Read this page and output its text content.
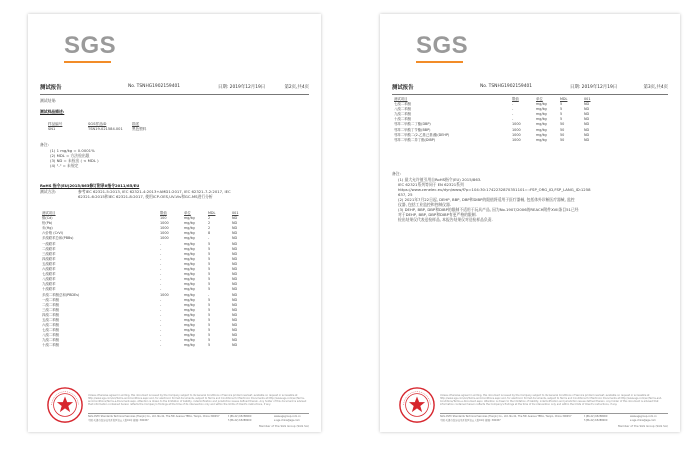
SGS
测试报告	No. TSNHG1902159401	日期: 2019年12月19日	第2页,共4页
测试结果:
测试样品描述:
样品编号	SGS样品ID	描述
SN1	TSN19-021584.001	黑色塑料
备注:
(1) 1 mg/kg = 0.0001%
(2) MDL = 方法检出限
(3) ND = 未检出 ( < MDL )
(4) "-" = 未规定
RoHS 指令(EU)2015/863修订附录II指令2011/65/EU
测试方法:	参考IEC 62321-5:2013, IEC 62321-4:2013+AMD1:2017, IEC 62321-7-2:2017, IEC
62321-6:2015和IEC 62321-8:2017, 使用ICP-OES,UV-Vis和GC-MS进行分析
测试项目	限值	单位	MDL	001
镉(Cd)	100	mg/kg	2	ND
铅(Pb)	1000	mg/kg	2	ND
汞(Hg)	1000	mg/kg	2	ND
六价铬 (CrVI)	1000	mg/kg	8	ND
多溴联苯总和(PBBs)	1000	mg/kg	-	ND
一溴联苯	-	mg/kg	5	ND
二溴联苯	-	mg/kg	5	ND
三溴联苯	-	mg/kg	5	ND
四溴联苯	-	mg/kg	5	ND
五溴联苯	-	mg/kg	5	ND
六溴联苯	-	mg/kg	5	ND
七溴联苯	-	mg/kg	5	ND
八溴联苯	-	mg/kg	5	ND
九溴联苯	-	mg/kg	5	ND
十溴联苯	-	mg/kg	5	ND
多溴二苯醚总和(PBDEs)	1000	mg/kg	-	ND
一溴二苯醚	-	mg/kg	5	ND
二溴二苯醚	-	mg/kg	5	ND
三溴二苯醚	-	mg/kg	5	ND
四溴二苯醚	-	mg/kg	5	ND
五溴二苯醚	-	mg/kg	5	ND
六溴二苯醚	-	mg/kg	5	ND
七溴二苯醚	-	mg/kg	5	ND
八溴二苯醚	-	mg/kg	5	ND
九溴二苯醚	-	mg/kg	5	ND
十溴二苯醚	-	mg/kg	5	ND
Unless otherwise agreed in writing, this document is issued by the Company subject to its General Conditions of Service printed overleaf, available on request or accessible at http://www.sgs.com/en/Terms-and-Conditions.aspx and, for electronic format documents, subject to Terms and Conditions for Electronic Documents at http://www.sgs.com/en/Terms-and-Conditions/Terms-e-Document.aspx. Attention is drawn to the limitation of liability, indemnification and jurisdiction issues defined therein. Any holder of this document is advised that information contained hereon reflects the Company's findings at the time of its intervention only and within the limits of Client's instructions, if any.
SGS-CSTC Standards Technical Services (Tianjin) Co., Ltd. No.41, The 5th Avenue TEDA, Tianjin, China 300457
中国·天津市经济技术开发区第五大街41号 邮编: 300457
t (86-22) 65288000
f (86-22) 65288000
www.sgsgroup.com.cn
e sgs.china@sgs.com
Member of the SGS Group (SGS SA)
SGS
测试报告	No. TSNHG1902159401	日期: 2019年12月19日	第3页,共4页
测试项目	限值	单位	MDL	001
七溴二苯醚	-	mg/kg	5	ND
八溴二苯醚	-	mg/kg	5	ND
九溴二苯醚	-	mg/kg	5	ND
十溴二苯醚	-	mg/kg	5	ND
邻苯二甲酸二丁酯(DBP)	1000	mg/kg	50	ND
邻苯二甲酸丁苄酯(BBP)	1000	mg/kg	50	ND
邻苯二甲酸二(2-乙基己基)酯(DEHP)	1000	mg/kg	50	ND
邻苯二甲酸二异丁酯(DIBP)	1000	mg/kg	50	ND
备注:
(1) 最大允许值引用自RoHS指令(EU) 2015/863.
IEC 62321系列等同于 EN 62321系列
https://www.cenelec.eu/dyn/www/f?p=104:30:1742232870351101::::FSP_ORG_ID,FSP_LANG_ID:1258
637, 25
(2) 2021年7月22日起, DEHP, BBP, DBP和DIBP的限值将适用于医疗器械, 包括体外诊断医疗器械, 监控
仪器, 包括工业监控和控制仪器.
(3) DEHP, BBP, DBP和DIBP的限制不适用于玩具产品, 因为No.1907/2006的REACH附件XVII条目51已经
对于DEHP, BBP, DBP和DIBP有更严格的限制.
检出结果仅代表送检样品, 本报告结果仅对送检样品负责.
Unless otherwise agreed in writing, this document is issued by the Company subject to its General Conditions of Service printed overleaf, available on request or accessible at http://www.sgs.com/en/Terms-and-Conditions.aspx and, for electronic format documents, subject to Terms and Conditions for Electronic Documents at http://www.sgs.com/en/Terms-and-Conditions/Terms-e-Document.aspx. Attention is drawn to the limitation of liability, indemnification and jurisdiction issues defined therein. Any holder of this document is advised that information contained hereon reflects the Company's findings at the time of its intervention only and within the limits of Client's instructions, if any.
SGS-CSTC Standards Technical Services (Tianjin) Co., Ltd. No.41, The 5th Avenue TEDA, Tianjin, China 300457
中国·天津市经济技术开发区第五大街41号 邮编: 300457
t (86-22) 65288000
f (86-22) 65288000
www.sgsgroup.com.cn
e sgs.china@sgs.com
Member of the SGS Group (SGS SA)
